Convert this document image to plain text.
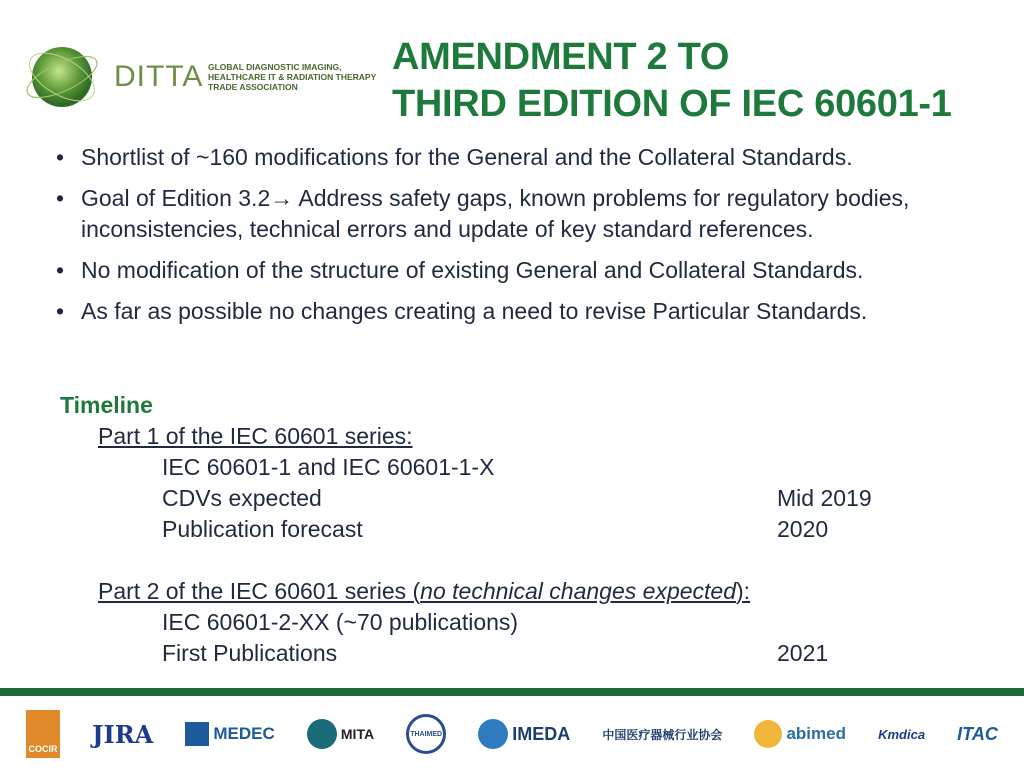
DITTA GLOBAL DIAGNOSTIC IMAGING,
HEALTHCARE IT & RADIATION THERAPY
TRADE ASSOCIATION
AMENDMENT 2 TO
THIRD EDITION OF IEC 60601-1
• Shortlist of ~160 modifications for the General and the Collateral Standards.
• Goal of Edition 3.2→ Address safety gaps, known problems for regulatory bodies, inconsistencies, technical errors and update of key standard references.
• No modification of the structure of existing General and Collateral Standards.
• As far as possible no changes creating a need to revise Particular Standards.
Timeline
Part 1 of the IEC 60601 series:
IEC 60601-1 and IEC 60601-1-X
CDVs expected	Mid 2019
Publication forecast	2020
Part 2 of the IEC 60601 series (no technical changes expected):
IEC 60601-2-XX (~70 publications)
First Publications	2021
COCIR
JIRA	MEDEC	MITA	THAIMED	IMEDA	中国医疗器械行业协会	abimed Kmdica ITAC
